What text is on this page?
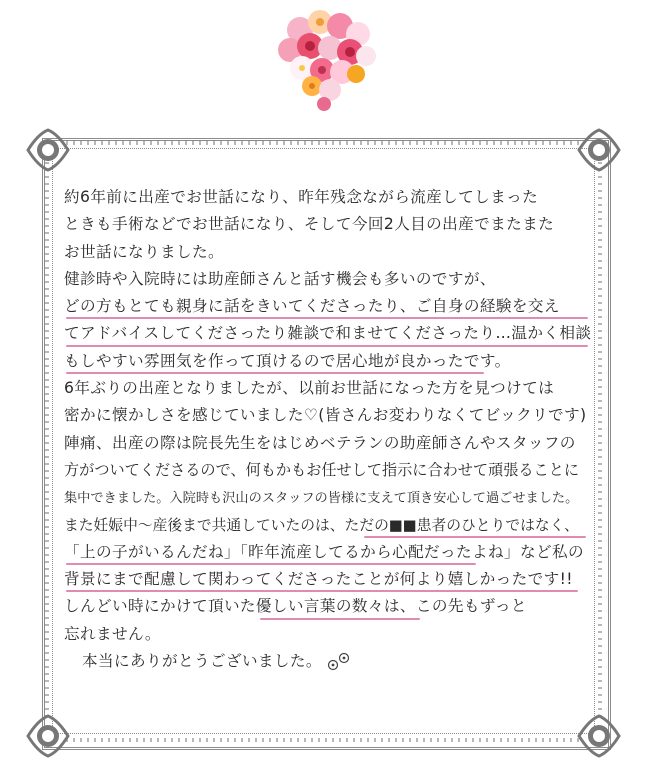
約6年前に出産でお世話になり、昨年残念ながら流産してしまった
ときも手術などでお世話になり、そして今回2人目の出産でまたまた
お世話になりました。
健診時や入院時には助産師さんと話す機会も多いのですが、
どの方もとても親身に話をきいてくださったり、ご自身の経験を交え
てアドバイスしてくださったり雑談で和ませてくださったり…温かく相談
もしやすい雰囲気を作って頂けるので居心地が良かったです。
6年ぶりの出産となりましたが、以前お世話になった方を見つけては
密かに懐かしさを感じていました♡(皆さんお変わりなくてビックリです)
陣痛、出産の際は院長先生をはじめベテランの助産師さんやスタッフの
方がついてくださるので、何もかもお任せして指示に合わせて頑張ることに
集中できました。入院時も沢山のスタッフの皆様に支えて頂き安心して過ごせました。
また妊娠中〜産後まで共通していたのは、ただの■■患者のひとりではなく、
「上の子がいるんだね」「昨年流産してるから心配だったよね」など私の
背景にまで配慮して関わってくださったことが何より嬉しかったです!!
しんどい時にかけて頂いた優しい言葉の数々は、この先もずっと
忘れません。
本当にありがとうございました。
